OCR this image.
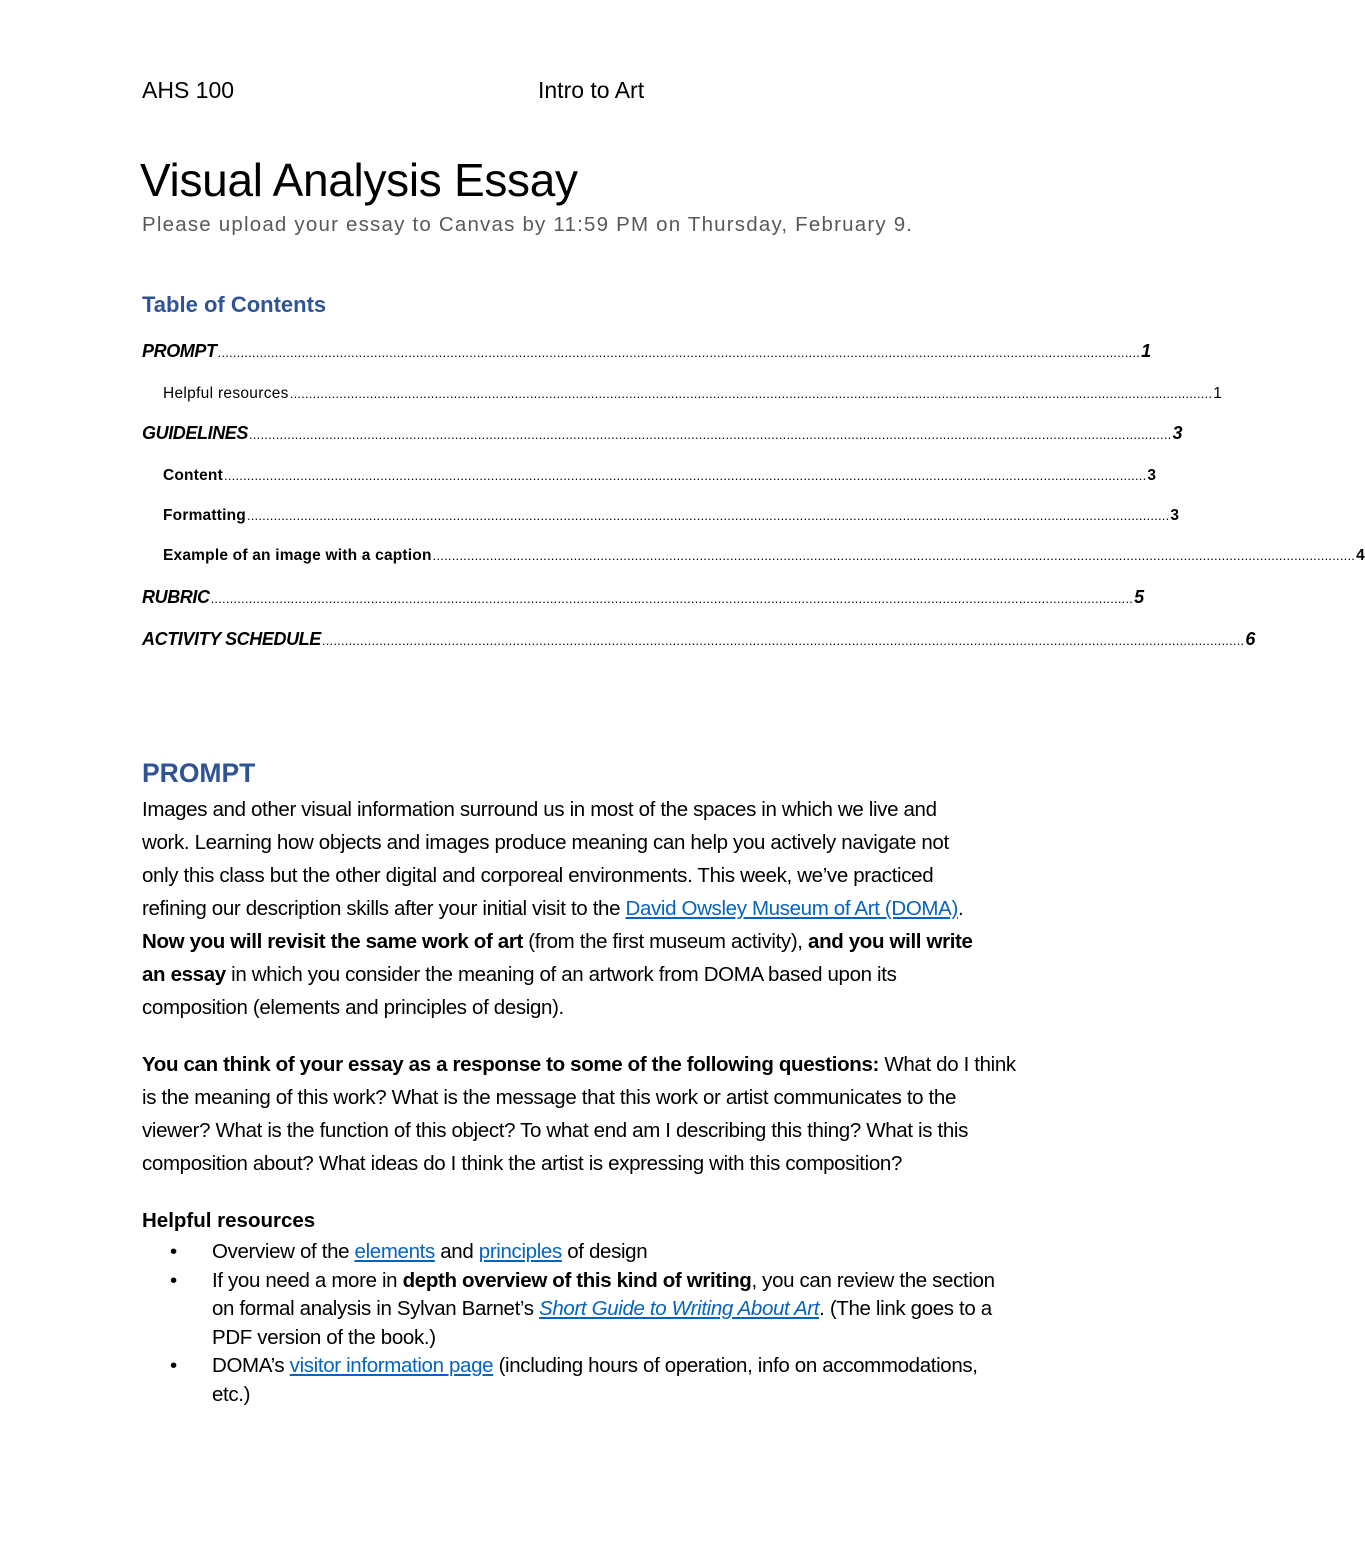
AHS 100	Intro to Art
Visual Analysis Essay
Please upload your essay to Canvas by 11:59 PM on Thursday, February 9.
Table of Contents
PROMPT .................................................................................................................................................................................................................................................. 1
Helpful resources .................................................................................................................................................................................................................................................. 1
GUIDELINES .................................................................................................................................................................................................................................................. 3
Content .................................................................................................................................................................................................................................................. 3
Formatting .................................................................................................................................................................................................................................................. 3
Example of an image with a caption .................................................................................................................................................................................................................................................. 4
RUBRIC .................................................................................................................................................................................................................................................. 5
ACTIVITY SCHEDULE .................................................................................................................................................................................................................................................. 6
PROMPT
Images and other visual information surround us in most of the spaces in which we live and
work. Learning how objects and images produce meaning can help you actively navigate not
only this class but the other digital and corporeal environments. This week, we’ve practiced
refining our description skills after your initial visit to the David Owsley Museum of Art (DOMA).
Now you will revisit the same work of art (from the first museum activity), and you will write
an essay in which you consider the meaning of an artwork from DOMA based upon its
composition (elements and principles of design).
You can think of your essay as a response to some of the following questions: What do I think
is the meaning of this work? What is the message that this work or artist communicates to the
viewer? What is the function of this object? To what end am I describing this thing? What is this
composition about? What ideas do I think the artist is expressing with this composition?
Helpful resources
•	Overview of the elements and principles of design
•	If you need a more in depth overview of this kind of writing, you can review the section
on formal analysis in Sylvan Barnet’s Short Guide to Writing About Art. (The link goes to a
PDF version of the book.)
•	DOMA’s visitor information page (including hours of operation, info on accommodations,
etc.)
